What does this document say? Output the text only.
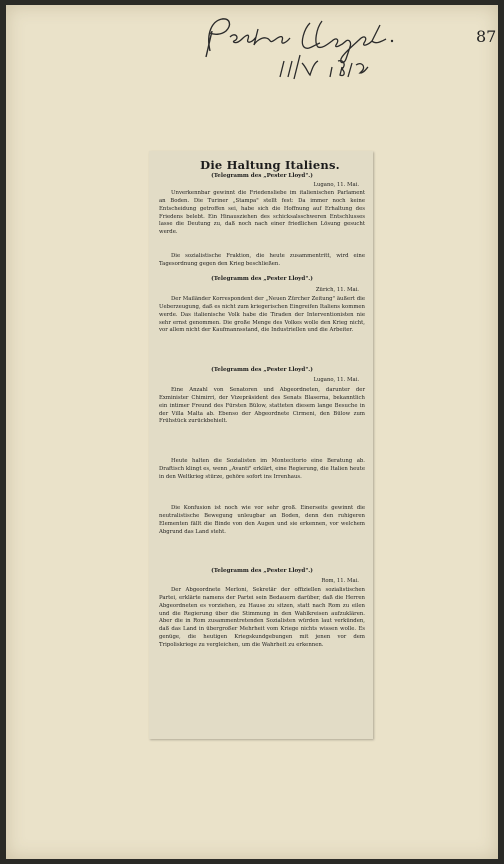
Pester Lloyd 11/V 1915
87
Die Haltung Italiens.
(Telegramm des „Pester Lloyd".)
Lugano, 11. Mai.
Unverkennbar gewinnt die Friedensliebe im italienischen Parlament an Boden. Die Turiner „Stampa" stellt fest: Da immer noch keine Entscheidung getroffen sei, habe sich die Hoffnung auf Erhaltung des Friedens belebt. Ein Hinausziehen des schicksalsschweren Entschlusses lasse die Deutung zu, daß noch nach einer friedlichen Lösung gesucht werde.
Die sozialistische Fraktion, die heute zusammentritt, wird eine Tagesordnung gegen den Krieg beschließen.
(Telegramm des „Pester Lloyd".)
Zürich, 11. Mai.
Der Mailänder Korrespondent der „Neuen Zürcher Zeitung" äußert die Ueberzeugung, daß es nicht zum kriegerischen Eingreifen Italiens kommen werde. Das italienische Volk habe die Tiraden der Interventionisten nie sehr ernst genommen. Die große Menge des Volkes wolle den Krieg nicht, vor allem nicht der Kaufmannsstand, die Industriellen und die Arbeiter.
(Telegramm des „Pester Lloyd".)
Lugano, 11. Mai.
Eine Anzahl von Senatoren und Abgeordneten, darunter der Exminister Chimirri, der Vizepräsident des Senats Blaserna, bekanntlich ein intimer Freund des Fürsten Bülow, statteten diesem lange Besuche in der Villa Malta ab. Ebenso der Abgeordnete Cirmeni, den Bülow zum Frühstück zurückbehielt.
Heute halten die Sozialisten im Montecitorio eine Beratung ab. Draftisch klingt es, wenn „Avanti" erklärt, eine Regierung, die Italien heute in den Weltkrieg stürze, gehöre sofort ins Irrenhaus.
Die Konfusion ist noch wie vor sehr groß. Einerseits gewinnt die neutralistische Bewegung unleugbar an Boden, denn den ruhigeren Elementen fällt die Binde von den Augen und sie erkennen, vor welchem Abgrund das Land steht.
(Telegramm des „Pester Lloyd".)
Rom, 11. Mai.
Der Abgeordnete Merloni, Sekretär der offiziellen sozialistischen Partei, erklärte namens der Partei sein Bedauern darüber, daß die Herren Abgeordneten es vorziehen, zu Hause zu sitzen, statt nach Rom zu eilen und die Regierung über die Stimmung in den Wahlkreisen aufzuklären. Aber die in Rom zusammentretenden Sozialisten würden laut verkünden, daß das Land in übergroßer Mehrheit vom Kriege nichts wissen wolle. Es genüge, die heutigen Kriegskundgebungen mit jenen vor dem Tripoliskriege zu vergleichen, um die Wahrheit zu erkennen.
